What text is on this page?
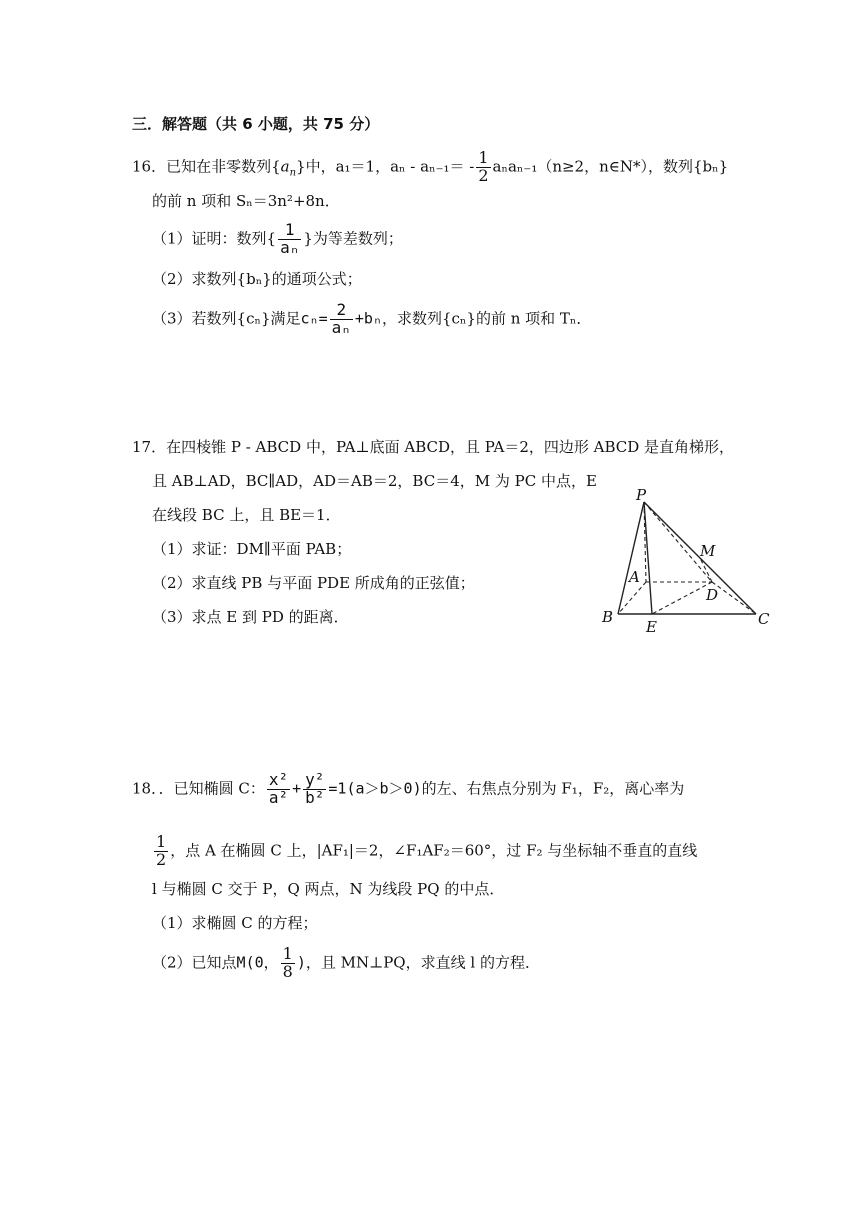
三．解答题（共 6 小题，共 75 分）
16．已知在非零数列$\{a_n\}$中，a₁＝1，$a_n - a_{n-1}= - \frac{1}{2} a_na_{n-1}(n\ge 2$，n∈N*），数列{bₙ}
的前 n 项和 Sₙ＝3n²+8n．
（1）证明：数列{ $\frac{1}{\text{aₙ}}$ }为等差数列；
（2）求数列{bₙ}的通项公式；
（3）若数列{cₙ}满足$c_n= \frac{2}{\text{aₙ}} +b_n$，求数列{cₙ}的前 n 项和 Tₙ．
17．在四棱锥 P - ABCD 中，PA⊥底面 ABCD，且 PA＝2，四边形 ABCD 是直角梯形，
且 AB⊥AD，BC∥AD，AD＝AB＝2，BC＝4，M 为 PC 中点，E
在线段 BC 上，且 BE＝1．
（1）求证：DM∥平面 PAB；
（2）求直线 PB 与平面 PDE 所成角的正弦值；
（3）求点 E 到 PD 的距离．
P
M
A
D
B
E	C
18．．已知椭圆 C： $\frac{\text{x²}}{\text{a²}} + \frac{\text{y²}}{\text{b²}} =1(a>b>0)$的左、右焦点分别为 F₁，F₂，离心率为
$\frac{1}{2}$ ，点 A 在椭圆 C 上，|AF₁|＝2，∠F₁AF₂＝60°，过 F₂ 与坐标轴不垂直的直线
l 与椭圆 C 交于 P，Q 两点，N 为线段 PQ 的中点．
（1）求椭圆 C 的方程；
（2）已知点M(0， $\frac{1}{8}$ )，且 MN⊥PQ，求直线 l 的方程．
